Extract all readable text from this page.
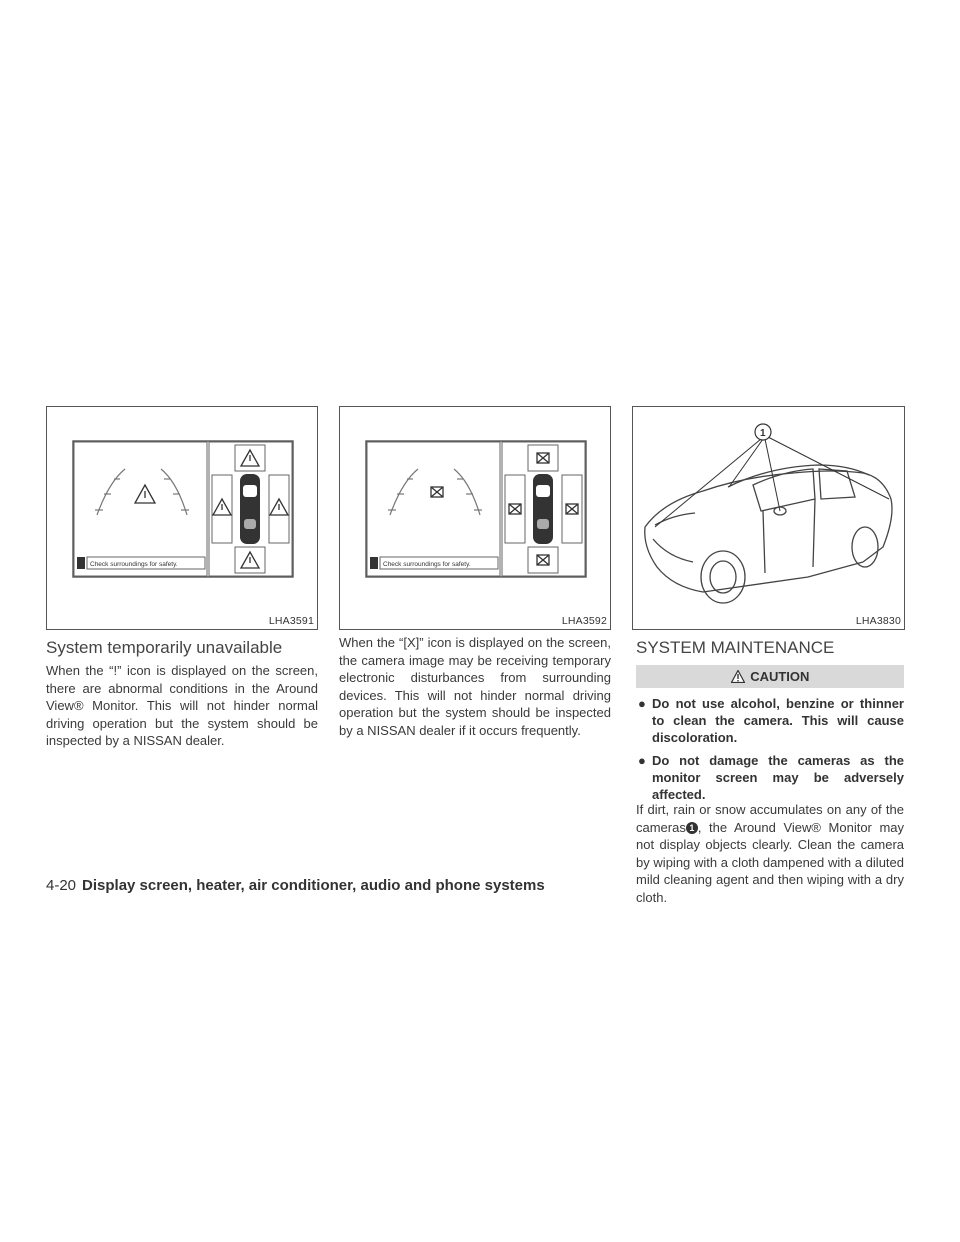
Check surroundings for safety.
LHA3591
Check surroundings for safety.
LHA3592
1
LHA3830
System temporarily unavailable

When the “!” icon is displayed on the screen, there are abnormal conditions in the Around View® Monitor. This will not hinder normal driving operation but the system should be inspected by a NISSAN dealer.

When the “[X]” icon is displayed on the screen, the camera image may be receiving temporary electronic disturbances from surrounding devices. This will not hinder normal driving operation but the system should be inspected by a NISSAN dealer if it occurs frequently.

SYSTEM MAINTENANCE
CAUTION
● Do not use alcohol, benzine or thinner to clean the camera. This will cause discoloration.
● Do not damage the cameras as the monitor screen may be adversely affected.

If dirt, rain or snow accumulates on any of the cameras 1 , the Around View® Monitor may not display objects clearly. Clean the camera by wiping with a cloth dampened with a diluted mild cleaning agent and then wiping with a dry cloth.

4-20 Display screen, heater, air conditioner, audio and phone systems
